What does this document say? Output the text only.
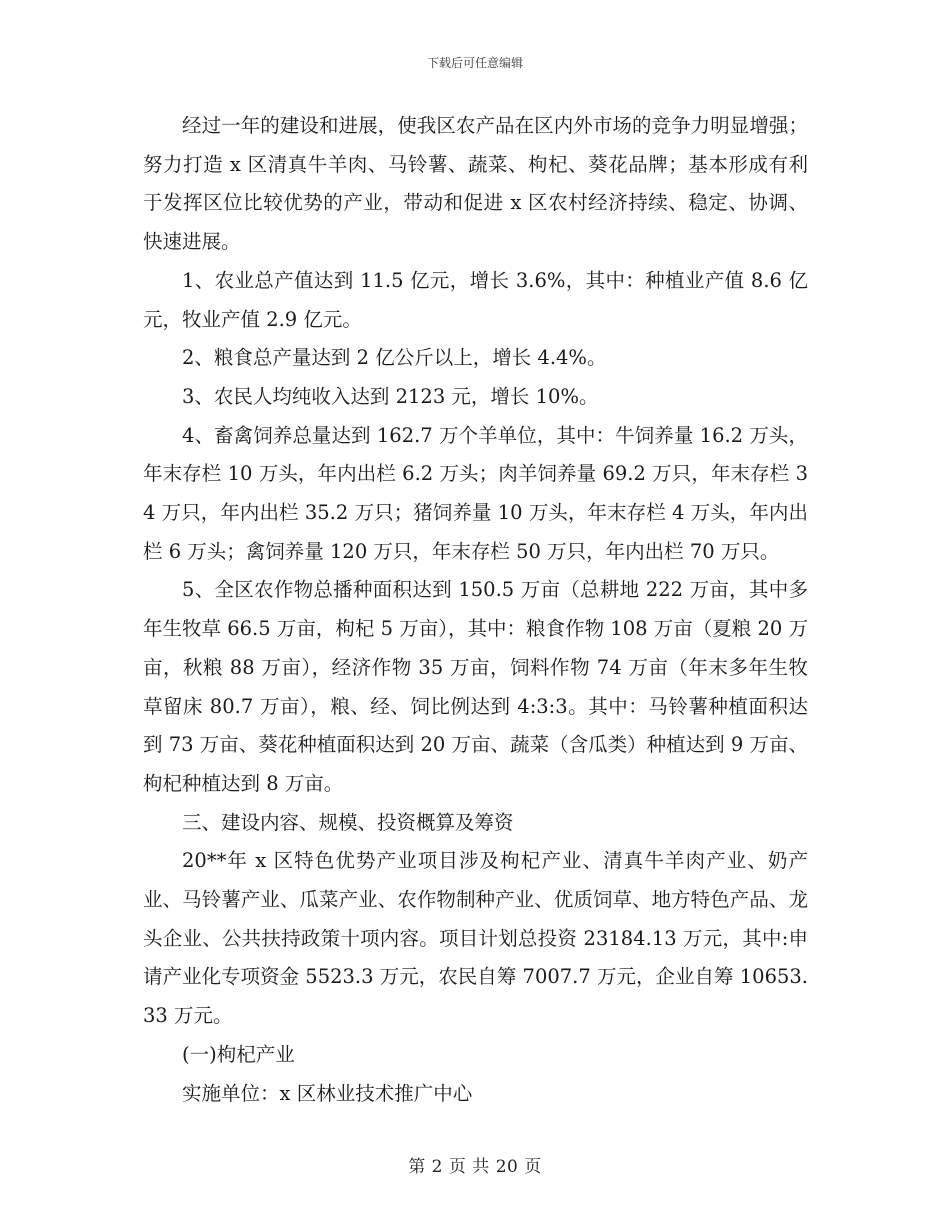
下载后可任意编辑

经过一年的建设和进展，使我区农产品在区内外市场的竞争力明显增强；努力打造 x 区清真牛羊肉、马铃薯、蔬菜、枸杞、葵花品牌；基本形成有利于发挥区位比较优势的产业，带动和促进 x 区农村经济持续、稳定、协调、快速进展。

1、农业总产值达到 11.5 亿元，增长 3.6%，其中：种植业产值 8.6 亿元，牧业产值 2.9 亿元。

2、粮食总产量达到 2 亿公斤以上，增长 4.4%。

3、农民人均纯收入达到 2123 元，增长 10%。

4、畜禽饲养总量达到 162.7 万个羊单位，其中：牛饲养量 16.2 万头，年末存栏 10 万头，年内出栏 6.2 万头；肉羊饲养量 69.2 万只，年末存栏 34 万只，年内出栏 35.2 万只；猪饲养量 10 万头，年末存栏 4 万头，年内出栏 6 万头；禽饲养量 120 万只，年末存栏 50 万只，年内出栏 70 万只。

5、全区农作物总播种面积达到 150.5 万亩（总耕地 222 万亩，其中多年生牧草 66.5 万亩，枸杞 5 万亩），其中：粮食作物 108 万亩（夏粮 20 万亩，秋粮 88 万亩），经济作物 35 万亩，饲料作物 74 万亩（年末多年生牧草留床 80.7 万亩），粮、经、饲比例达到 4:3:3。其中：马铃薯种植面积达到 73 万亩、葵花种植面积达到 20 万亩、蔬菜（含瓜类）种植达到 9 万亩、枸杞种植达到 8 万亩。

三、建设内容、规模、投资概算及筹资

20**年 x 区特色优势产业项目涉及枸杞产业、清真牛羊肉产业、奶产业、马铃薯产业、瓜菜产业、农作物制种产业、优质饲草、地方特色产品、龙头企业、公共扶持政策十项内容。项目计划总投资 23184.13 万元，其中:申请产业化专项资金 5523.3 万元，农民自筹 7007.7 万元，企业自筹 10653.33 万元。

(一)枸杞产业

实施单位：x 区林业技术推广中心

第 2 页 共 20 页
